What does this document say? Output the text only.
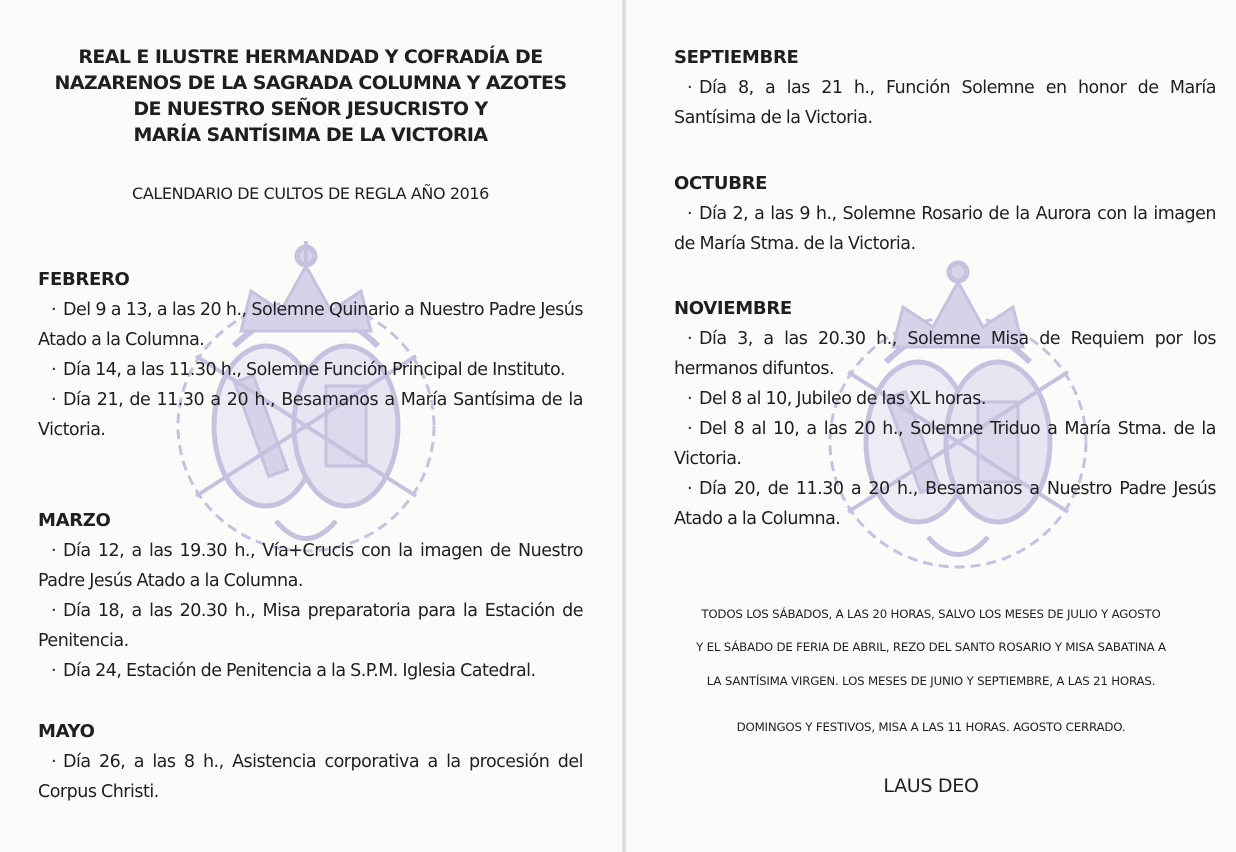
REAL E ILUSTRE HERMANDAD Y COFRADÍA DE
NAZARENOS DE LA SAGRADA COLUMNA Y AZOTES
DE NUESTRO SEÑOR JESUCRISTO Y
MARÍA SANTÍSIMA DE LA VICTORIA
CALENDARIO DE CULTOS DE REGLA AÑO 2016
FEBRERO
· Del 9 a 13, a las 20 h., Solemne Quinario a Nuestro Padre Jesús Atado a la Columna.
· Día 14, a las 11.30 h., Solemne Función Principal de Instituto.
· Día 21, de 11.30 a 20 h., Besamanos a María Santísima de la Victoria.
MARZO
· Día 12, a las 19.30 h., Vía+Crucis con la imagen de Nuestro Padre Jesús Atado a la Columna.
· Día 18, a las 20.30 h., Misa preparatoria para la Estación de Penitencia.
· Día 24, Estación de Penitencia a la S.P.M. Iglesia Catedral.
MAYO
· Día 26, a las 8 h., Asistencia corporativa a la procesión del Corpus Christi.
SEPTIEMBRE
· Día 8, a las 21 h., Función Solemne en honor de María Santísima de la Victoria.
OCTUBRE
· Día 2, a las 9 h., Solemne Rosario de la Aurora con la imagen de María Stma. de la Victoria.
NOVIEMBRE
· Día 3, a las 20.30 h., Solemne Misa de Requiem por los hermanos difuntos.
· Del 8 al 10, Jubileo de las XL horas.
· Del 8 al 10, a las 20 h., Solemne Triduo a María Stma. de la Victoria.
· Día 20, de 11.30 a 20 h., Besamanos a Nuestro Padre Jesús Atado a la Columna.
TODOS LOS SÁBADOS, A LAS 20 HORAS, SALVO LOS MESES DE JULIO Y AGOSTO
Y EL SÁBADO DE FERIA DE ABRIL, REZO DEL SANTO ROSARIO Y MISA SABATINA A
LA SANTÍSIMA VIRGEN. LOS MESES DE JUNIO Y SEPTIEMBRE, A LAS 21 HORAS.
DOMINGOS Y FESTIVOS, MISA A LAS 11 HORAS. AGOSTO CERRADO.
LAUS DEO
